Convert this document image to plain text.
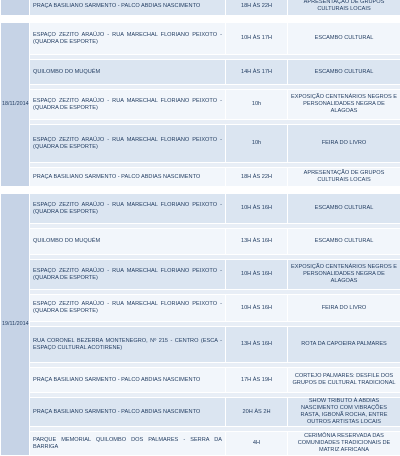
	PRAÇA BASILIANO SARMENTO - PALCO ABDIAS NASCIMENTO	18H ÀS 22H	APRESENTAÇÃO DE GRUPOS CULTURAIS LOCAIS

18/11/2014	ESPAÇO ZEZITO ARAÚJO - RUA MARECHAL FLORIANO PEIXOTO - (QUADRA DE ESPORTE)	10H ÀS 17H	ESCAMBO CULTURAL

	QUILOMBO DO MUQUÉM	14H ÀS 17H	ESCAMBO CULTURAL

	ESPAÇO ZEZITO ARAÚJO - RUA MARECHAL FLORIANO PEIXOTO - (QUADRA DE ESPORTE)	10h	EXPOSIÇÃO CENTENÁRIOS NEGROS E PERSONALIDADES NEGRA DE ALAGOAS

	ESPAÇO ZEZITO ARAÚJO - RUA MARECHAL FLORIANO PEIXOTO - (QUADRA DE ESPORTE)	10h	FEIRA DO LIVRO

	PRAÇA BASILIANO SARMENTO - PALCO ABDIAS NASCIMENTO	18H ÀS 22H	APRESENTAÇÃO DE GRUPOS CULTURAIS LOCAIS

19/11/2014	ESPAÇO ZEZITO ARAÚJO - RUA MARECHAL FLORIANO PEIXOTO - (QUADRA DE ESPORTE)	10H ÀS 16H	ESCAMBO CULTURAL

	QUILOMBO DO MUQUÉM	13H ÀS 16H	ESCAMBO CULTURAL

	ESPAÇO ZEZITO ARAÚJO - RUA MARECHAL FLORIANO PEIXOTO - (QUADRA DE ESPORTE)	10H ÀS 16H	EXPOSIÇÃO CENTENÁRIOS NEGROS E PERSONALIDADES NEGRA DE ALAGOAS

	ESPAÇO ZEZITO ARAÚJO - RUA MARECHAL FLORIANO PEIXOTO - (QUADRA DE ESPORTE)	10H ÀS 16H	FEIRA DO LIVRO

	RUA CORONEL BEZERRA MONTENEGRO, Nº 215 - CENTRO (ESCA - ESPAÇO CULTURAL ACOTIRENE)	13H ÀS 16H	ROTA DA CAPOEIRA PALMARES

	PRAÇA BASILIANO SARMENTO - PALCO ABDIAS NASCIMENTO	17H ÀS 19H	CORTEJO PALMARES: DESFILE DOS GRUPOS DE CULTURAL TRADICIONAL

	PRAÇA BASILIANO SARMENTO - PALCO ABDIAS NASCIMENTO	20H ÀS 2H	SHOW TRIBUTO À ABDIAS NASCIMENTO COM VIBRAÇÕES RASTA, IGBONÃ ROCHA, ENTRE OUTROS ARTISTAS LOCAIS

	PARQUE MEMORIAL QUILOMBO DOS PALMARES - SERRA DA BARRIGA	4H	CERIMÔNIA RESERVADA DAS COMUNIDADES TRADICIONAIS DE MATRIZ AFRICANA
